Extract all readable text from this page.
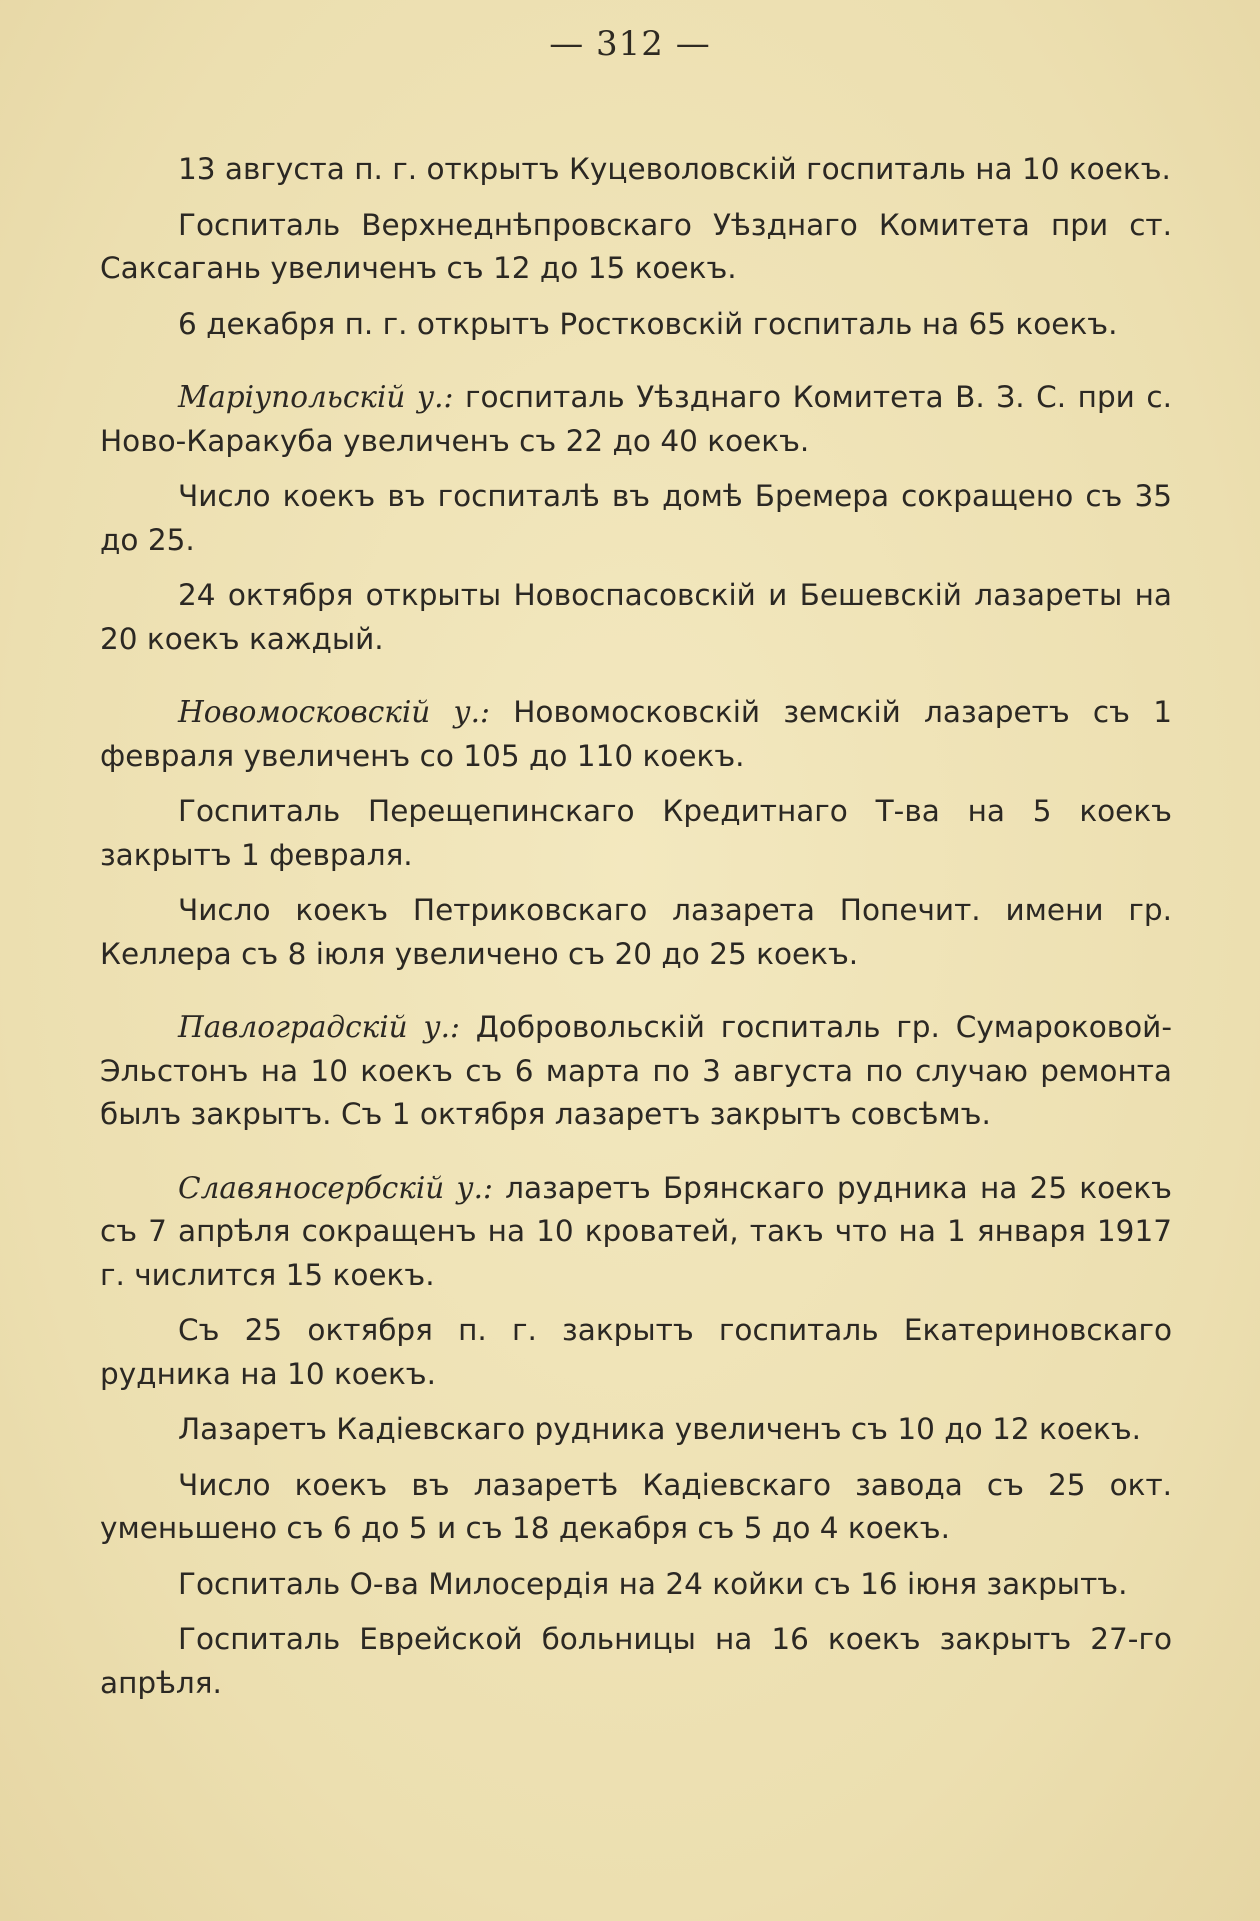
— 312 —

13 августа п. г. открытъ Куцеволовскій госпиталь на 10 коекъ.

Госпиталь Верхнеднѣпровскаго Уѣзднаго Комитета при ст. Саксагань увеличенъ съ 12 до 15 коекъ.

6 декабря п. г. открытъ Ростковскій госпиталь на 65 коекъ.

Маріупольскій у.: госпиталь Уѣзднаго Комитета В. З. С. при с. Ново-Каракуба увеличенъ съ 22 до 40 коекъ.

Число коекъ въ госпиталѣ въ домѣ Бремера сокращено съ 35 до 25.

24 октября открыты Новоспасовскій и Бешевскій лазареты на 20 коекъ каждый.

Новомосковскій у.: Новомосковскій земскій лазаретъ съ 1 февраля увеличенъ со 105 до 110 коекъ.

Госпиталь Перещепинскаго Кредитнаго Т-ва на 5 коекъ закрытъ 1 февраля.

Число коекъ Петриковскаго лазарета Попечит. имени гр. Келлера съ 8 іюля увеличено съ 20 до 25 коекъ.

Павлоградскій у.: Добровольскій госпиталь гр. Сумароковой-Эльстонъ на 10 коекъ съ 6 марта по 3 августа по случаю ремонта былъ закрытъ. Съ 1 октября лазаретъ закрытъ совсѣмъ.

Славяносербскій у.: лазаретъ Брянскаго рудника на 25 коекъ съ 7 апрѣля сокращенъ на 10 кроватей, такъ что на 1 января 1917 г. числится 15 коекъ.

Съ 25 октября п. г. закрытъ госпиталь Екатериновскаго рудника на 10 коекъ.

Лазаретъ Кадіевскаго рудника увеличенъ съ 10 до 12 коекъ.

Число коекъ въ лазаретѣ Кадіевскаго завода съ 25 окт. уменьшено съ 6 до 5 и съ 18 декабря съ 5 до 4 коекъ.

Госпиталь О-ва Милосердія на 24 койки съ 16 іюня закрытъ.

Госпиталь Еврейской больницы на 16 коекъ закрытъ 27-го апрѣля.
